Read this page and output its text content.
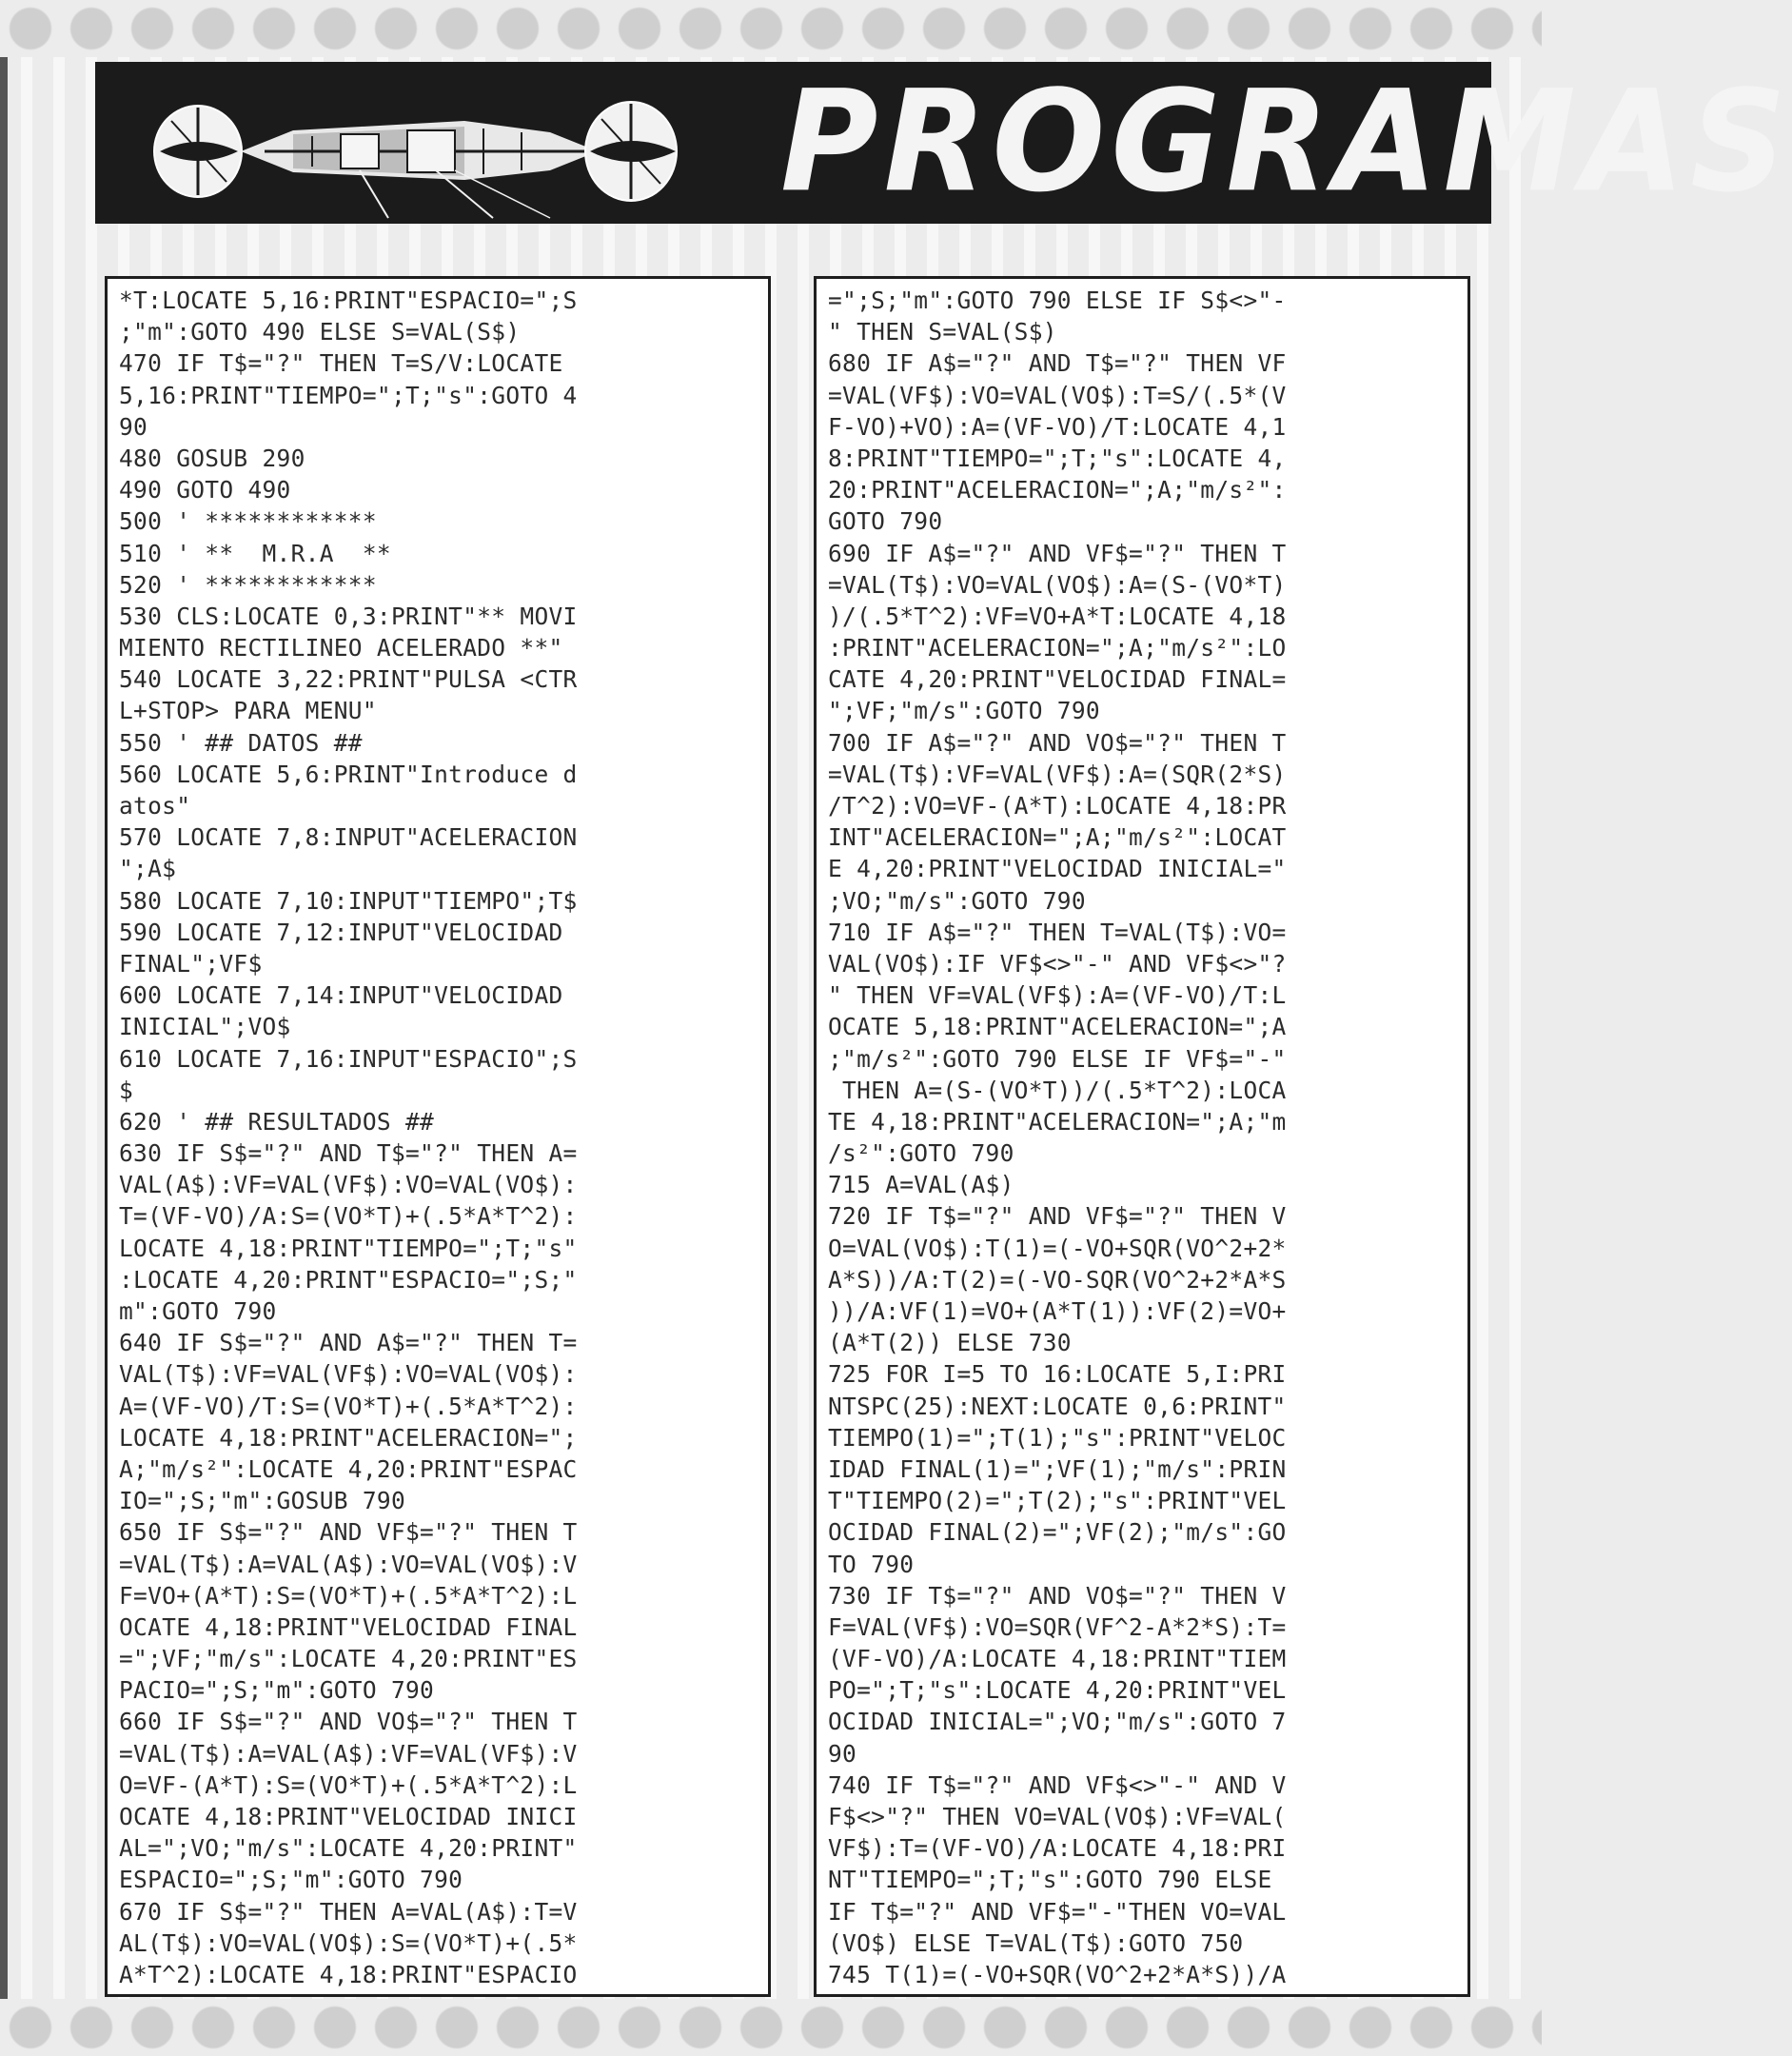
PROGRAMAS
*T:LOCATE 5,16:PRINT"ESPACIO=";S
;"m":GOTO 490 ELSE S=VAL(S$)
470 IF T$="?" THEN T=S/V:LOCATE
5,16:PRINT"TIEMPO=";T;"s":GOTO 4
90
480 GOSUB 290
490 GOTO 490
500 ' ************
510 ' **  M.R.A  **
520 ' ************
530 CLS:LOCATE 0,3:PRINT"** MOVI
MIENTO RECTILINEO ACELERADO **"
540 LOCATE 3,22:PRINT"PULSA <CTR
L+STOP> PARA MENU"
550 ' ## DATOS ##
560 LOCATE 5,6:PRINT"Introduce d
atos"
570 LOCATE 7,8:INPUT"ACELERACION
";A$
580 LOCATE 7,10:INPUT"TIEMPO";T$
590 LOCATE 7,12:INPUT"VELOCIDAD
FINAL";VF$
600 LOCATE 7,14:INPUT"VELOCIDAD
INICIAL";VO$
610 LOCATE 7,16:INPUT"ESPACIO";S
$
620 ' ## RESULTADOS ##
630 IF S$="?" AND T$="?" THEN A=
VAL(A$):VF=VAL(VF$):VO=VAL(VO$):
T=(VF-VO)/A:S=(VO*T)+(.5*A*T^2):
LOCATE 4,18:PRINT"TIEMPO=";T;"s"
:LOCATE 4,20:PRINT"ESPACIO=";S;"
m":GOTO 790
640 IF S$="?" AND A$="?" THEN T=
VAL(T$):VF=VAL(VF$):VO=VAL(VO$):
A=(VF-VO)/T:S=(VO*T)+(.5*A*T^2):
LOCATE 4,18:PRINT"ACELERACION=";
A;"m/s²":LOCATE 4,20:PRINT"ESPAC
IO=";S;"m":GOSUB 790
650 IF S$="?" AND VF$="?" THEN T
=VAL(T$):A=VAL(A$):VO=VAL(VO$):V
F=VO+(A*T):S=(VO*T)+(.5*A*T^2):L
OCATE 4,18:PRINT"VELOCIDAD FINAL
=";VF;"m/s":LOCATE 4,20:PRINT"ES
PACIO=";S;"m":GOTO 790
660 IF S$="?" AND VO$="?" THEN T
=VAL(T$):A=VAL(A$):VF=VAL(VF$):V
O=VF-(A*T):S=(VO*T)+(.5*A*T^2):L
OCATE 4,18:PRINT"VELOCIDAD INICI
AL=";VO;"m/s":LOCATE 4,20:PRINT"
ESPACIO=";S;"m":GOTO 790
670 IF S$="?" THEN A=VAL(A$):T=V
AL(T$):VO=VAL(VO$):S=(VO*T)+(.5*
A*T^2):LOCATE 4,18:PRINT"ESPACIO
=";S;"m":GOTO 790 ELSE IF S$<>"-
" THEN S=VAL(S$)
680 IF A$="?" AND T$="?" THEN VF
=VAL(VF$):VO=VAL(VO$):T=S/(.5*(V
F-VO)+VO):A=(VF-VO)/T:LOCATE 4,1
8:PRINT"TIEMPO=";T;"s":LOCATE 4,
20:PRINT"ACELERACION=";A;"m/s²":
GOTO 790
690 IF A$="?" AND VF$="?" THEN T
=VAL(T$):VO=VAL(VO$):A=(S-(VO*T)
)/(.5*T^2):VF=VO+A*T:LOCATE 4,18
:PRINT"ACELERACION=";A;"m/s²":LO
CATE 4,20:PRINT"VELOCIDAD FINAL=
";VF;"m/s":GOTO 790
700 IF A$="?" AND VO$="?" THEN T
=VAL(T$):VF=VAL(VF$):A=(SQR(2*S)
/T^2):VO=VF-(A*T):LOCATE 4,18:PR
INT"ACELERACION=";A;"m/s²":LOCAT
E 4,20:PRINT"VELOCIDAD INICIAL="
;VO;"m/s":GOTO 790
710 IF A$="?" THEN T=VAL(T$):VO=
VAL(VO$):IF VF$<>"-" AND VF$<>"?
" THEN VF=VAL(VF$):A=(VF-VO)/T:L
OCATE 5,18:PRINT"ACELERACION=";A
;"m/s²":GOTO 790 ELSE IF VF$="-"
THEN A=(S-(VO*T))/(.5*T^2):LOCA
TE 4,18:PRINT"ACELERACION=";A;"m
/s²":GOTO 790
715 A=VAL(A$)
720 IF T$="?" AND VF$="?" THEN V
O=VAL(VO$):T(1)=(-VO+SQR(VO^2+2*
A*S))/A:T(2)=(-VO-SQR(VO^2+2*A*S
))/A:VF(1)=VO+(A*T(1)):VF(2)=VO+
(A*T(2)) ELSE 730
725 FOR I=5 TO 16:LOCATE 5,I:PRI
NTSPC(25):NEXT:LOCATE 0,6:PRINT"
TIEMPO(1)=";T(1);"s":PRINT"VELOC
IDAD FINAL(1)=";VF(1);"m/s":PRIN
T"TIEMPO(2)=";T(2);"s":PRINT"VEL
OCIDAD FINAL(2)=";VF(2);"m/s":GO
TO 790
730 IF T$="?" AND VO$="?" THEN V
F=VAL(VF$):VO=SQR(VF^2-A*2*S):T=
(VF-VO)/A:LOCATE 4,18:PRINT"TIEM
PO=";T;"s":LOCATE 4,20:PRINT"VEL
OCIDAD INICIAL=";VO;"m/s":GOTO 7
90
740 IF T$="?" AND VF$<>"-" AND V
F$<>"?" THEN VO=VAL(VO$):VF=VAL(
VF$):T=(VF-VO)/A:LOCATE 4,18:PRI
NT"TIEMPO=";T;"s":GOTO 790 ELSE
IF T$="?" AND VF$="-"THEN VO=VAL
(VO$) ELSE T=VAL(T$):GOTO 750
745 T(1)=(-VO+SQR(VO^2+2*A*S))/A
